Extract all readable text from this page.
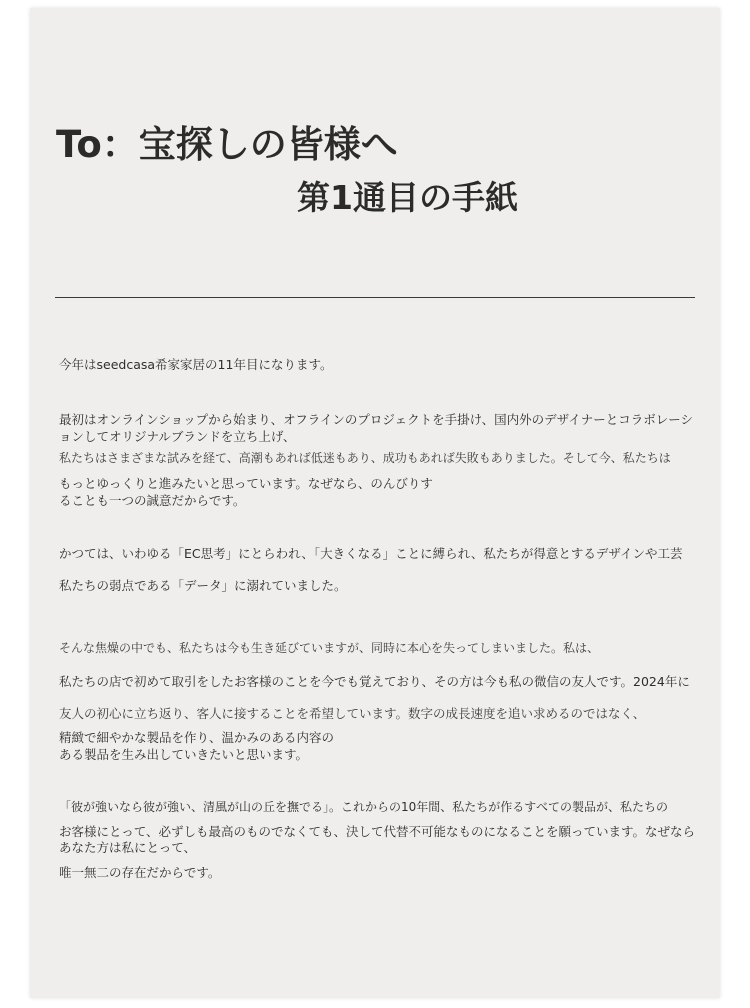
To：宝探しの皆様へ
第1通目の手紙
今年はseedcasa希家家居の11年目になります。
最初はオンラインショップから始まり、オフラインのプロジェクトを手掛け、国内外のデザイナーとコラボレーシ
ョンしてオリジナルブランドを立ち上げ、
私たちはさまざまな試みを経て、高潮もあれば低迷もあり、成功もあれば失敗もありました。そして今、私たちは
もっとゆっくりと進みたいと思っています。なぜなら、のんびりす
ることも一つの誠意だからです。
かつては、いわゆる「EC思考」にとらわれ、「大きくなる」ことに縛られ、私たちが得意とするデザインや工芸
私たちの弱点である「データ」に溺れていました。
そんな焦燥の中でも、私たちは今も生き延びていますが、同時に本心を失ってしまいました。私は、
私たちの店で初めて取引をしたお客様のことを今でも覚えており、その方は今も私の微信の友人です。2024年に
友人の初心に立ち返り、客人に接することを希望しています。数字の成長速度を追い求めるのではなく、
精緻で細やかな製品を作り、温かみのある内容の
ある製品を生み出していきたいと思います。
「彼が強いなら彼が強い、清風が山の丘を撫でる」。これからの10年間、私たちが作るすべての製品が、私たちの
お客様にとって、必ずしも最高のものでなくても、決して代替不可能なものになることを願っています。なぜなら
あなた方は私にとって、
唯一無二の存在だからです。
